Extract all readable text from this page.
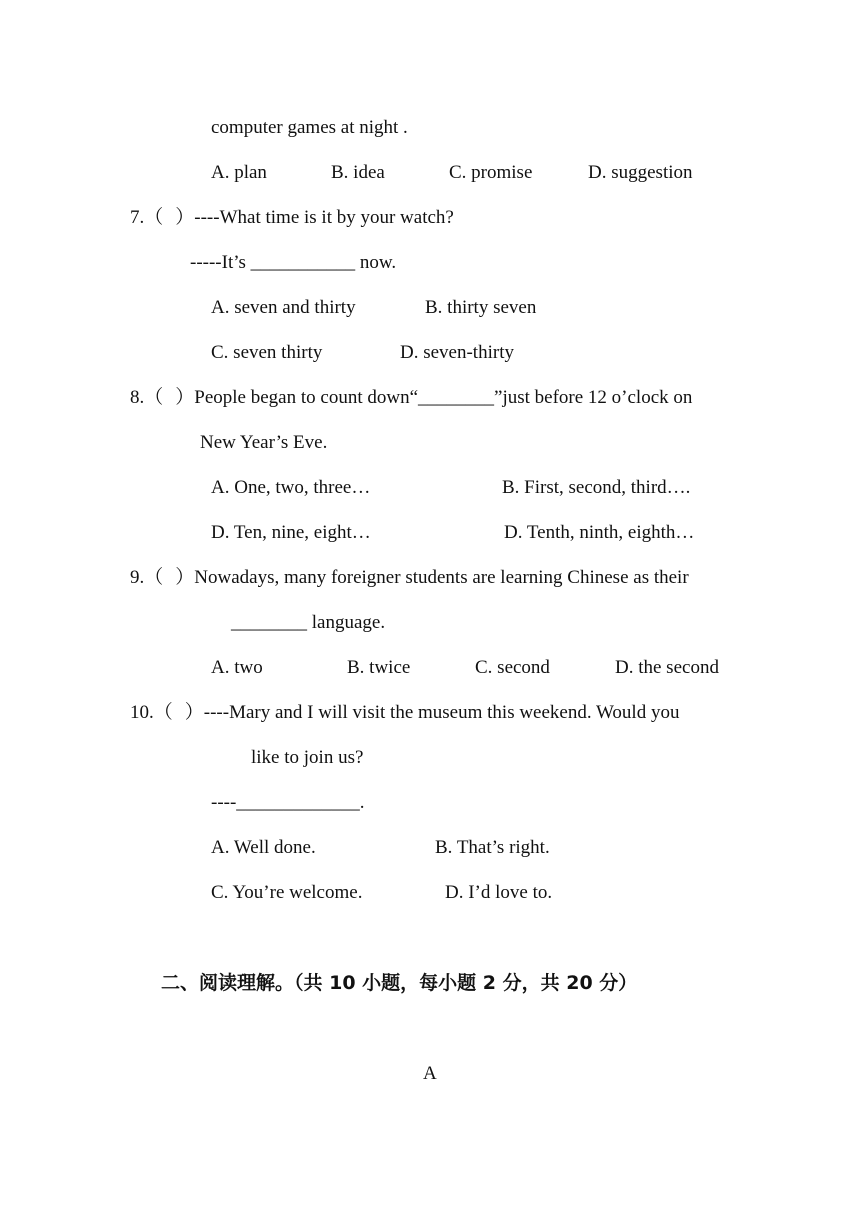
computer games at night .
A. plan	B. idea	C. promise	D. suggestion
7.（ ）----What time is it by your watch?
-----It’s ___________ now.
A. seven and thirty	B. thirty seven
C. seven thirty	D. seven-thirty
8.（ ）People began to count down“________”just before 12 o’clock on
New Year’s Eve.
A. One, two, three…	B. First, second, third….
D. Ten, nine, eight…	D. Tenth, ninth, eighth…
9.（ ）Nowadays, many foreigner students are learning Chinese as their
________ language.
A. two	B. twice	C. second	D. the second
10.（ ）----Mary and I will visit the museum this weekend. Would you
like to join us?
----_____________.
A. Well done.	B. That’s right.
C. You’re welcome.	D. I’d love to.
二、阅读理解。（共 10 小题，每小题 2 分，共 20 分）
A
